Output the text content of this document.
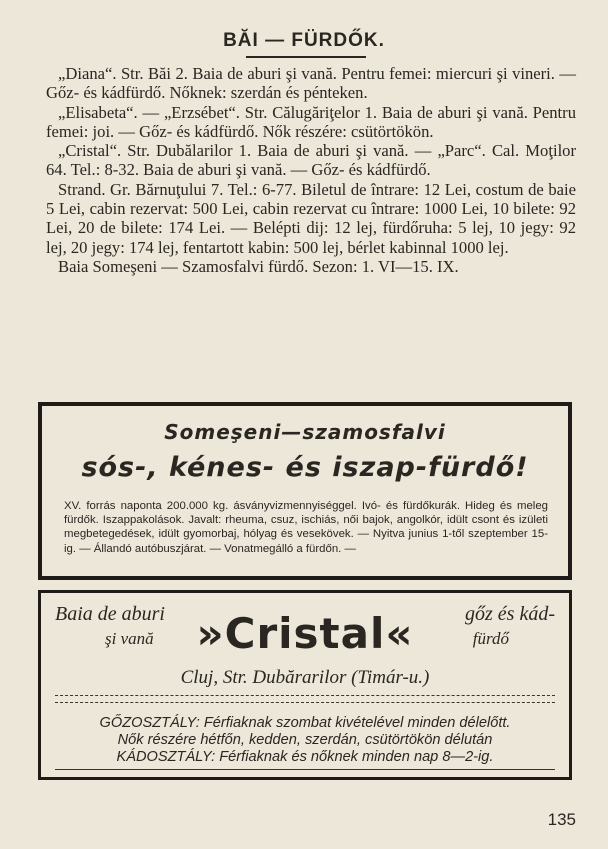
BĂI — FÜRDŐK.

„Diana“. Str. Băi 2. Baia de aburi şi vană. Pentru femei: miercuri şi vineri. — Gőz- és kádfürdő. Nőknek: szerdán és pénteken.

„Elisabeta“. — „Erzsébet“. Str. Călugăriţelor 1. Baia de aburi şi vană. Pentru femei: joi. — Gőz- és kádfürdő. Nők részére: csütörtökön.

„Cristal“. Str. Dubălarilor 1. Baia de aburi şi vană. — „Parc“. Cal. Moţilor 64. Tel.: 8-32. Baia de aburi şi vană. — Gőz- és kádfürdő.

Strand. Gr. Bărnuţului 7. Tel.: 6-77. Biletul de întrare: 12 Lei, costum de baie 5 Lei, cabin rezervat: 500 Lei, cabin rezervat cu întrare: 1000 Lei, 10 bilete: 92 Lei, 20 de bilete: 174 Lei. — Belépti dij: 12 lej, fürdőruha: 5 lej, 10 jegy: 92 lej, 20 jegy: 174 lej, fentartott kabin: 500 lej, bérlet kabinnal 1000 lej.

Baia Someşeni — Szamosfalvi fürdő. Sezon: 1. VI—15. IX.

Someşeni—szamosfalvi
sós-, kénes- és iszap-fürdő!
XV. forrás naponta 200.000 kg. ásványvizmennyiséggel. Ivó- és fürdőkurák. Hideg és meleg fürdők. Iszappakolások. Javalt: rheuma, csuz, ischiás, női bajok, angolkór, idült csont és izületi megbetegedések, idült gyomorbaj, hólyag és vesekövek. — Nyitva junius 1-től szeptember 15-ig. — Állandó autóbuszjárat. — Vonatmegálló a fürdőn. —
Baia de aburi
şi vană	»Cristal«	gőz és kád-
fürdő
Cluj, Str. Dubărarilor (Timár-u.)
GŐZOSZTÁLY: Férfiaknak szombat kivételével minden délelőtt.
Nők részére hétfőn, kedden, szerdán, csütörtökön délután
KÁDOSZTÁLY: Férfiaknak és nőknek minden nap 8—2-ig.
135
